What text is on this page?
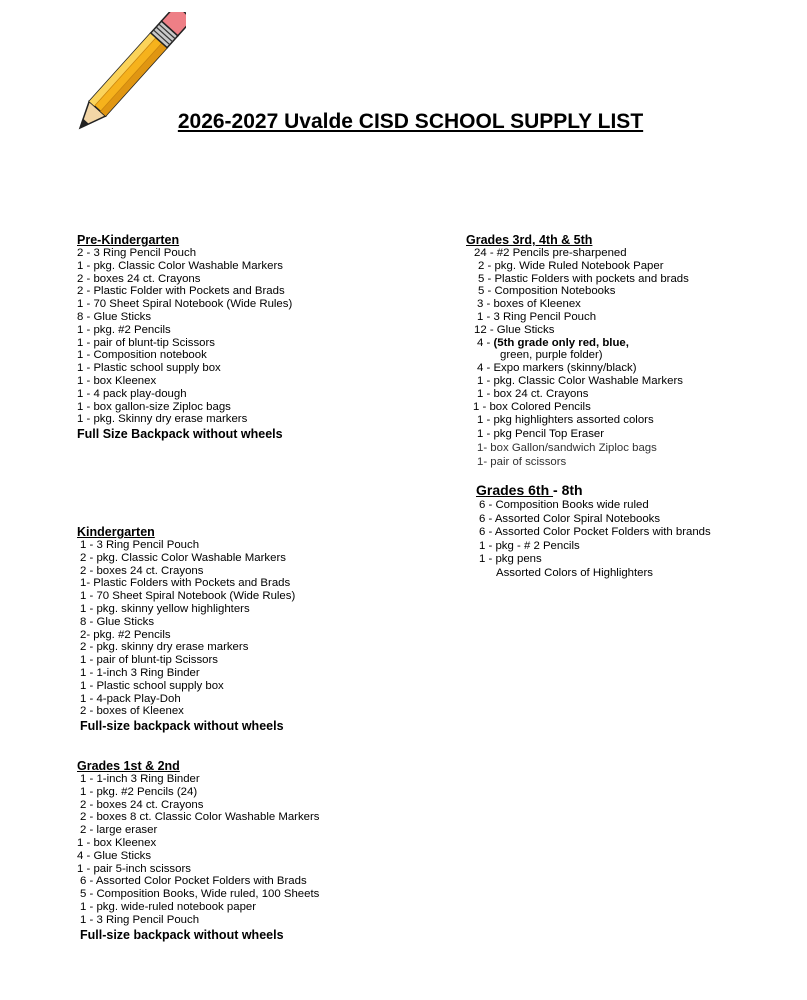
2026-2027 Uvalde CISD SCHOOL SUPPLY LIST
Pre-Kindergarten
2 - 3 Ring Pencil Pouch
1 - pkg. Classic Color Washable Markers
2 - boxes 24 ct. Crayons
2 - Plastic Folder with Pockets and Brads
1 - 70 Sheet Spiral Notebook (Wide Rules)
8 - Glue Sticks
1 - pkg. #2 Pencils
1 - pair of blunt-tip Scissors
1 - Composition notebook
1 - Plastic school supply box
1 - box Kleenex
1 - 4 pack play-dough
1 - box gallon-size Ziploc bags
1 - pkg. Skinny dry erase markers
Full Size Backpack without wheels
Kindergarten
1 - 3 Ring Pencil Pouch
2 - pkg. Classic Color Washable Markers
2 - boxes 24 ct. Crayons
1- Plastic Folders with Pockets and Brads
1 - 70 Sheet Spiral Notebook (Wide Rules)
1 - pkg. skinny yellow highlighters
8 - Glue Sticks
2- pkg. #2 Pencils
2 - pkg. skinny dry erase markers
1 - pair of blunt-tip Scissors
1 - 1-inch 3 Ring Binder
1 - Plastic school supply box
1 - 4-pack Play-Doh
2 - boxes of Kleenex
Full-size backpack without wheels
Grades 1st & 2nd
1 - 1-inch 3 Ring Binder
1 - pkg. #2 Pencils (24)
2 - boxes 24 ct. Crayons
2 - boxes 8 ct. Classic Color Washable Markers
2 - large eraser
1 - box Kleenex
4 - Glue Sticks
1 - pair 5-inch scissors
6 - Assorted Color Pocket Folders with Brads
5 - Composition Books, Wide ruled, 100 Sheets
1 - pkg. wide-ruled notebook paper
1 - 3 Ring Pencil Pouch
Full-size backpack without wheels
Grades 3rd, 4th & 5th
24 - #2 Pencils pre-sharpened
2 - pkg. Wide Ruled Notebook Paper
5 - Plastic Folders with pockets and brads
5 - Composition Notebooks
3 - boxes of Kleenex
1 - 3 Ring Pencil Pouch
12 - Glue Sticks
4 - (5th grade only red, blue,
green, purple folder)
4 - Expo markers (skinny/black)
1 - pkg. Classic Color Washable Markers
1 - box 24 ct. Crayons
1 - box Colored Pencils
1 - pkg highlighters assorted colors
1 - pkg Pencil Top Eraser
1- box Gallon/sandwich Ziploc bags
1- pair of scissors
Grades 6th - 8th
6 - Composition Books wide ruled
6 - Assorted Color Spiral Notebooks
6 - Assorted Color Pocket Folders with brands
1 - pkg - # 2 Pencils
1 - pkg pens
Assorted Colors of Highlighters
